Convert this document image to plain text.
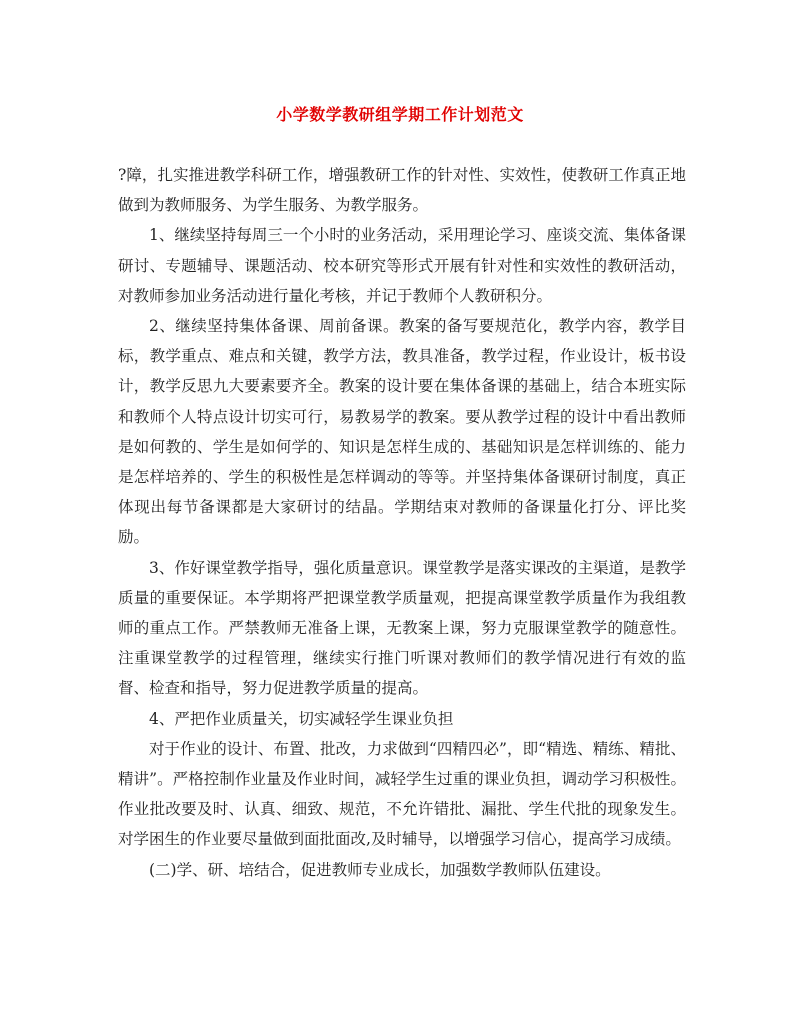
小学数学教研组学期工作计划范文

?障，扎实推进教学科研工作，增强教研工作的针对性、实效性，使教研工作真正地做到为教师服务、为学生服务、为教学服务。

1、继续坚持每周三一个小时的业务活动，采用理论学习、座谈交流、集体备课研讨、专题辅导、课题活动、校本研究等形式开展有针对性和实效性的教研活动，对教师参加业务活动进行量化考核，并记于教师个人教研积分。

2、继续坚持集体备课、周前备课。教案的备写要规范化，教学内容，教学目标，教学重点、难点和关键，教学方法，教具准备，教学过程，作业设计，板书设计，教学反思九大要素要齐全。教案的设计要在集体备课的基础上，结合本班实际和教师个人特点设计切实可行，易教易学的教案。要从教学过程的设计中看出教师是如何教的、学生是如何学的、知识是怎样生成的、基础知识是怎样训练的、能力是怎样培养的、学生的积极性是怎样调动的等等。并坚持集体备课研讨制度，真正体现出每节备课都是大家研讨的结晶。学期结束对教师的备课量化打分、评比奖励。

3、作好课堂教学指导，强化质量意识。课堂教学是落实课改的主渠道，是教学质量的重要保证。本学期将严把课堂教学质量观，把提高课堂教学质量作为我组教师的重点工作。严禁教师无准备上课，无教案上课，努力克服课堂教学的随意性。注重课堂教学的过程管理，继续实行推门听课对教师们的教学情况进行有效的监督、检查和指导，努力促进教学质量的提高。

4、严把作业质量关，切实减轻学生课业负担

对于作业的设计、布置、批改，力求做到“四精四必”，即“精选、精练、精批、精讲”。严格控制作业量及作业时间，减轻学生过重的课业负担，调动学习积极性。作业批改要及时、认真、细致、规范，不允许错批、漏批、学生代批的现象发生。对学困生的作业要尽量做到面批面改,及时辅导，以增强学习信心，提高学习成绩。

(二)学、研、培结合，促进教师专业成长，加强数学教师队伍建设。
